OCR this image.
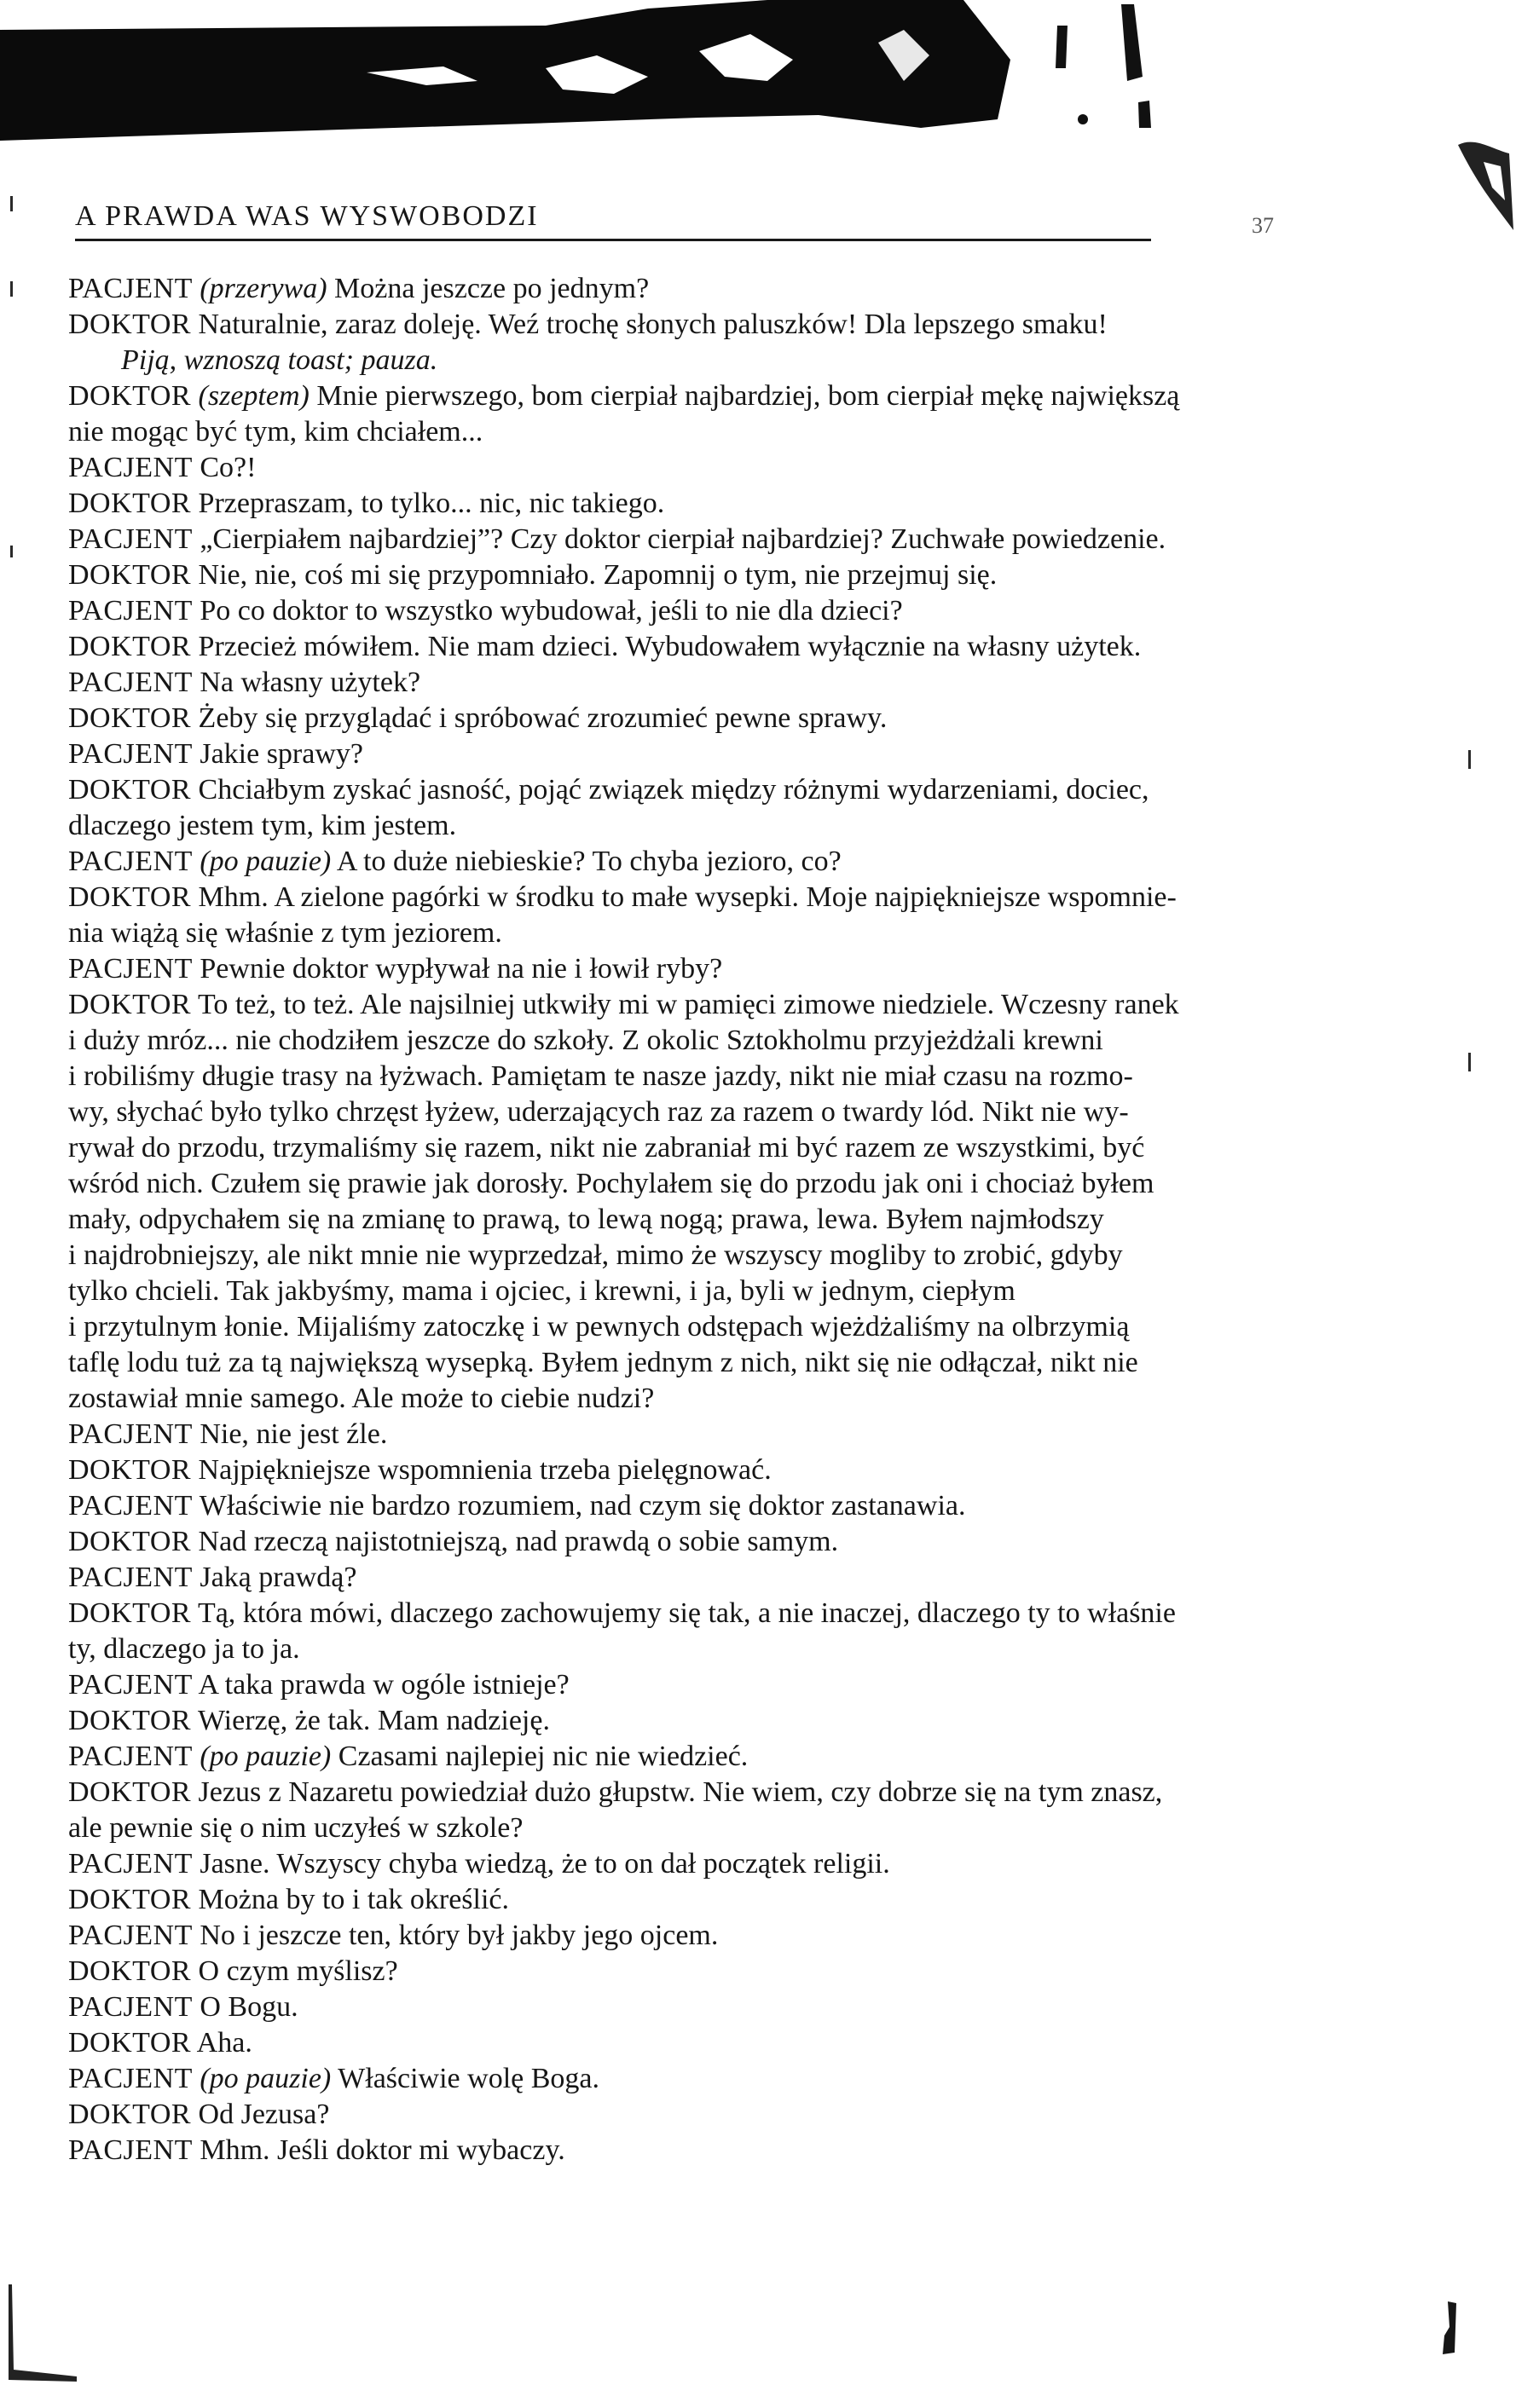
A PRAWDA WAS WYSWOBODZI	37

PACJENT (przerywa) Można jeszcze po jednym?

DOKTOR Naturalnie, zaraz doleję. Weź trochę słonych paluszków! Dla lepszego smaku!

Piją, wznoszą toast; pauza.

DOKTOR (szeptem) Mnie pierwszego, bom cierpiał najbardziej, bom cierpiał mękę największą
nie mogąc być tym, kim chciałem...

PACJENT Co?!

DOKTOR Przepraszam, to tylko... nic, nic takiego.

PACJENT „Cierpiałem najbardziej”? Czy doktor cierpiał najbardziej? Zuchwałe powiedzenie.

DOKTOR Nie, nie, coś mi się przypomniało. Zapomnij o tym, nie przejmuj się.

PACJENT Po co doktor to wszystko wybudował, jeśli to nie dla dzieci?

DOKTOR Przecież mówiłem. Nie mam dzieci. Wybudowałem wyłącznie na własny użytek.

PACJENT Na własny użytek?

DOKTOR Żeby się przyglądać i spróbować zrozumieć pewne sprawy.

PACJENT Jakie sprawy?

DOKTOR Chciałbym zyskać jasność, pojąć związek między różnymi wydarzeniami, dociec,
dlaczego jestem tym, kim jestem.

PACJENT (po pauzie) A to duże niebieskie? To chyba jezioro, co?

DOKTOR Mhm. A zielone pagórki w środku to małe wysepki. Moje najpiękniejsze wspomnie-
nia wiążą się właśnie z tym jeziorem.

PACJENT Pewnie doktor wypływał na nie i łowił ryby?

DOKTOR To też, to też. Ale najsilniej utkwiły mi w pamięci zimowe niedziele. Wczesny ranek
i duży mróz... nie chodziłem jeszcze do szkoły. Z okolic Sztokholmu przyjeżdżali krewni
i robiliśmy długie trasy na łyżwach. Pamiętam te nasze jazdy, nikt nie miał czasu na rozmo-
wy, słychać było tylko chrzęst łyżew, uderzających raz za razem o twardy lód. Nikt nie wy-
rywał do przodu, trzymaliśmy się razem, nikt nie zabraniał mi być razem ze wszystkimi, być
wśród nich. Czułem się prawie jak dorosły. Pochylałem się do przodu jak oni i chociaż byłem
mały, odpychałem się na zmianę to prawą, to lewą nogą; prawa, lewa. Byłem najmłodszy
i najdrobniejszy, ale nikt mnie nie wyprzedzał, mimo że wszyscy mogliby to zrobić, gdyby
tylko chcieli. Tak jakbyśmy, mama i ojciec, i krewni, i ja, byli w jednym, ciepłym
i przytulnym łonie. Mijaliśmy zatoczkę i w pewnych odstępach wjeżdżaliśmy na olbrzymią
taflę lodu tuż za tą największą wysepką. Byłem jednym z nich, nikt się nie odłączał, nikt nie
zostawiał mnie samego. Ale może to ciebie nudzi?

PACJENT Nie, nie jest źle.

DOKTOR Najpiękniejsze wspomnienia trzeba pielęgnować.

PACJENT Właściwie nie bardzo rozumiem, nad czym się doktor zastanawia.

DOKTOR Nad rzeczą najistotniejszą, nad prawdą o sobie samym.

PACJENT Jaką prawdą?

DOKTOR Tą, która mówi, dlaczego zachowujemy się tak, a nie inaczej, dlaczego ty to właśnie
ty, dlaczego ja to ja.

PACJENT A taka prawda w ogóle istnieje?

DOKTOR Wierzę, że tak. Mam nadzieję.

PACJENT (po pauzie) Czasami najlepiej nic nie wiedzieć.

DOKTOR Jezus z Nazaretu powiedział dużo głupstw. Nie wiem, czy dobrze się na tym znasz,
ale pewnie się o nim uczyłeś w szkole?

PACJENT Jasne. Wszyscy chyba wiedzą, że to on dał początek religii.

DOKTOR Można by to i tak określić.

PACJENT No i jeszcze ten, który był jakby jego ojcem.

DOKTOR O czym myślisz?

PACJENT O Bogu.

DOKTOR Aha.

PACJENT (po pauzie) Właściwie wolę Boga.

DOKTOR Od Jezusa?

PACJENT Mhm. Jeśli doktor mi wybaczy.
